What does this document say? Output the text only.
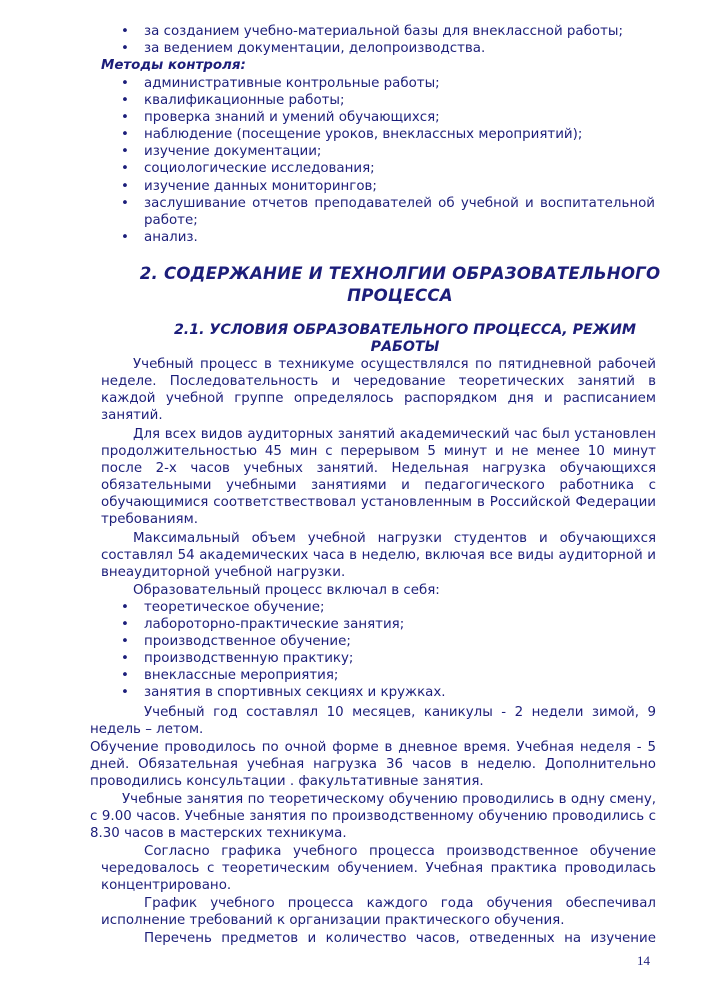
• за созданием учебно-материальной базы для внеклассной работы;
• за ведением документации, делопроизводства.
Методы контроля:
• административные контрольные работы;
• квалификационные работы;
• проверка знаний и умений обучающихся;
• наблюдение (посещение уроков, внеклассных мероприятий);
• изучение документации;
• социологические исследования;
• изучение данных мониторингов;
• заслушивание отчетов преподавателей об учебной и воспитательной работе;
• анализ.
2. СОДЕРЖАНИЕ И ТЕХНОЛГИИ ОБРАЗОВАТЕЛЬНОГО ПРОЦЕССА
2.1. УСЛОВИЯ ОБРАЗОВАТЕЛЬНОГО ПРОЦЕССА, РЕЖИМ РАБОТЫ
Учебный процесс в техникуме осуществлялся по пятидневной рабочей неделе. Последовательность и чередование теоретических занятий в каждой учебной группе определялось распорядком дня и расписанием занятий.
Для всех видов аудиторных занятий академический час был установлен продолжительностью 45 мин с перерывом 5 минут и не менее 10 минут после 2-х часов учебных занятий. Недельная нагрузка обучающихся обязательными учебными занятиями и педагогического работника с обучающимися соответствествовал установленным в Российской Федерации требованиям.
Максимальный объем учебной нагрузки студентов и обучающихся составлял 54 академических часа в неделю, включая все виды аудиторной и внеаудиторной учебной нагрузки.
Образовательный процесс включал в себя:
• теоретическое обучение;
• лабороторно-практические занятия;
• производственное обучение;
• производственную практику;
• внеклассные мероприятия;
• занятия в спортивных секциях и кружках.
Учебный год составлял 10 месяцев, каникулы - 2 недели зимой, 9 недель – летом.
Обучение проводилось по очной форме в дневное время. Учебная неделя - 5 дней. Обязательная учебная нагрузка 36 часов в неделю. Дополнительно проводились консультации . факультативные занятия.
Учебные занятия по теоретическому обучению проводились в одну смену, с 9.00 часов. Учебные занятия по производственному обучению проводились с 8.30 часов в мастерских техникума.
Согласно графика учебного процесса производственное обучение чередовалось с теоретическим обучением. Учебная практика проводилась концентрировано.
График учебного процесса каждого года обучения обеспечивал исполнение требований к организации практического обучения.
Перечень предметов и количество часов, отведенных на изучение
14
